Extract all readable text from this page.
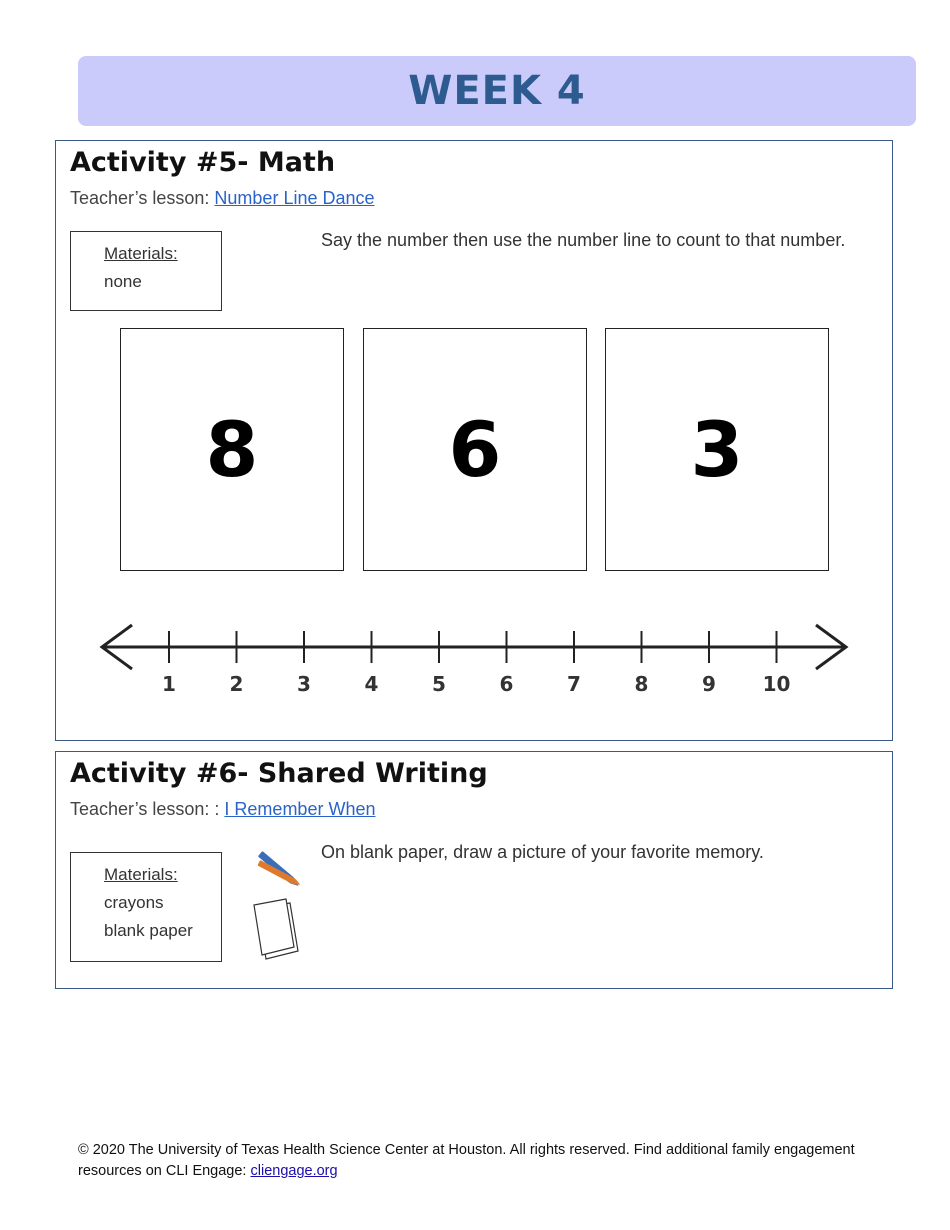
WEEK 4
Activity #5- Math
Teacher’s lesson: Number Line Dance
Materials:
none
Say the number then use the number line to count to that number.
8	6	3
1	2	3	4	5	6	7	8	9 10
Activity #6- Shared Writing
Teacher’s lesson: : I Remember When
Materials:
crayons
blank paper
On blank paper, draw a picture of your favorite memory.
© 2020 The University of Texas Health Science Center at Houston. All rights reserved. Find additional family engagement resources on CLI Engage: cliengage.org
